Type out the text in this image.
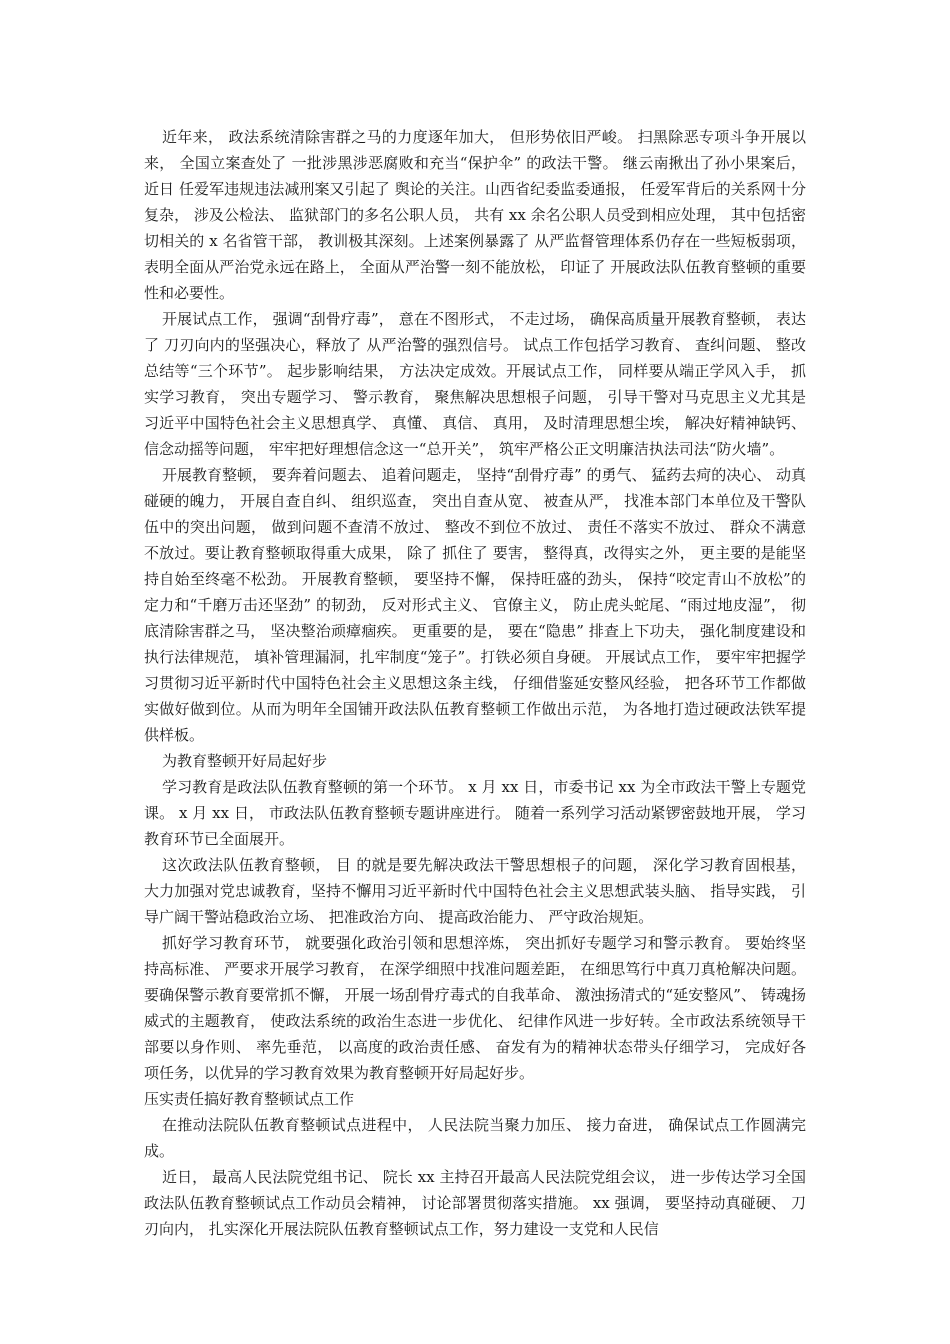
近年来， 政法系统清除害群之马的力度逐年加大， 但形势依旧严峻。 扫黑除恶专项斗争开展以来， 全国立案查处了 一批涉黑涉恶腐败和充当“保护伞” 的政法干警。 继云南揪出了孙小果案后， 近日 任爱军违规违法减刑案又引起了 舆论的关注。山西省纪委监委通报， 任爱军背后的关系网十分复杂， 涉及公检法、 监狱部门的多名公职人员， 共有 xx 余名公职人员受到相应处理， 其中包括密切相关的 x 名省管干部， 教训极其深刻。上述案例暴露了 从严监督管理体系仍存在一些短板弱项， 表明全面从严治党永远在路上， 全面从严治警一刻不能放松， 印证了 开展政法队伍教育整顿的重要性和必要性。

开展试点工作， 强调“刮骨疗毒”， 意在不图形式， 不走过场， 确保高质量开展教育整顿， 表达了 刀刃向内的坚强决心，释放了 从严治警的强烈信号。 试点工作包括学习教育、 查纠问题、 整改总结等“三个环节”。 起步影响结果， 方法决定成效。开展试点工作， 同样要从端正学风入手， 抓实学习教育， 突出专题学习、 警示教育， 聚焦解决思想根子问题， 引导干警对马克思主义尤其是习近平中国特色社会主义思想真学、 真懂、 真信、 真用， 及时清理思想尘埃， 解决好精神缺钙、 信念动摇等问题， 牢牢把好理想信念这一“总开关”， 筑牢严格公正文明廉洁执法司法“防火墙”。

开展教育整顿， 要奔着问题去、 追着问题走， 坚持“刮骨疗毒” 的勇气、 猛药去疴的决心、 动真碰硬的魄力， 开展自查自纠、 组织巡查， 突出自查从宽、 被查从严， 找准本部门本单位及干警队伍中的突出问题， 做到问题不查清不放过、 整改不到位不放过、 责任不落实不放过、 群众不满意不放过。要让教育整顿取得重大成果， 除了 抓住了 要害， 整得真，改得实之外， 更主要的是能坚持自始至终毫不松劲。 开展教育整顿， 要坚持不懈， 保持旺盛的劲头， 保持“咬定青山不放松”的定力和“千磨万击还坚劲” 的韧劲， 反对形式主义、 官僚主义， 防止虎头蛇尾、“雨过地皮湿”， 彻底清除害群之马， 坚决整治顽瘴痼疾。 更重要的是， 要在“隐患” 排查上下功夫， 强化制度建设和执行法律规范， 填补管理漏洞，扎牢制度“笼子”。打铁必须自身硬。 开展试点工作， 要牢牢把握学习贯彻习近平新时代中国特色社会主义思想这条主线， 仔细借鉴延安整风经验， 把各环节工作都做实做好做到位。从而为明年全国铺开政法队伍教育整顿工作做出示范， 为各地打造过硬政法铁军提供样板。

为教育整顿开好局起好步

学习教育是政法队伍教育整顿的第一个环节。 x 月 xx 日，市委书记 xx 为全市政法干警上专题党课。 x 月 xx 日， 市政法队伍教育整顿专题讲座进行。 随着一系列学习活动紧锣密鼓地开展， 学习教育环节已全面展开。

这次政法队伍教育整顿， 目 的就是要先解决政法干警思想根子的问题， 深化学习教育固根基， 大力加强对党忠诚教育，坚持不懈用习近平新时代中国特色社会主义思想武装头脑、 指导实践， 引导广阔干警站稳政治立场、 把准政治方向、 提高政治能力、 严守政治规矩。

抓好学习教育环节， 就要强化政治引领和思想淬炼， 突出抓好专题学习和警示教育。 要始终坚持高标准、 严要求开展学习教育， 在深学细照中找准问题差距， 在细思笃行中真刀真枪解决问题。 要确保警示教育要常抓不懈， 开展一场刮骨疗毒式的自我革命、 激浊扬清式的“延安整风”、 铸魂扬威式的主题教育， 使政法系统的政治生态进一步优化、 纪律作风进一步好转。全市政法系统领导干部要以身作则、 率先垂范， 以高度的政治责任感、 奋发有为的精神状态带头仔细学习， 完成好各项任务，以优异的学习教育效果为教育整顿开好局起好步。

压实责任搞好教育整顿试点工作

在推动法院队伍教育整顿试点进程中， 人民法院当聚力加压、 接力奋进， 确保试点工作圆满完成。

近日， 最高人民法院党组书记、 院长 xx 主持召开最高人民法院党组会议， 进一步传达学习全国政法队伍教育整顿试点工作动员会精神， 讨论部署贯彻落实措施。 xx 强调， 要坚持动真碰硬、 刀刃向内， 扎实深化开展法院队伍教育整顿试点工作，努力建设一支党和人民信
